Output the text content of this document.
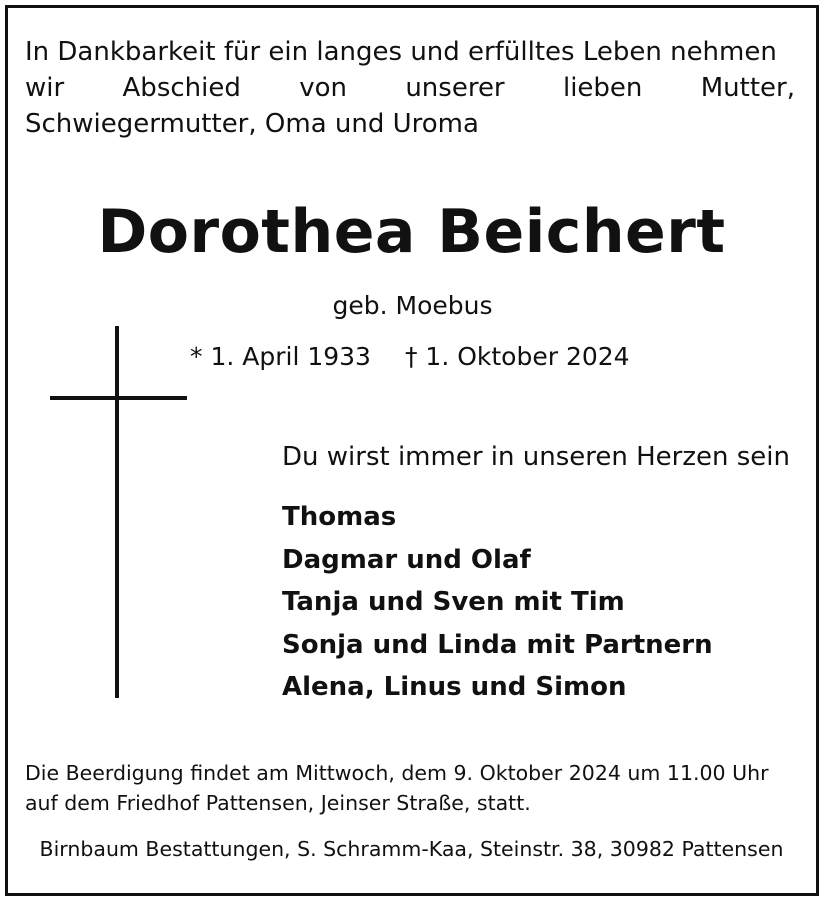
In Dankbarkeit für ein langes und erfülltes Leben nehmen
wir Abschied von unserer lieben Mutter,
Schwiegermutter, Oma und Uroma
Dorothea Beichert
geb. Moebus
* 1. April 1933 † 1. Oktober 2024
Du wirst immer in unseren Herzen sein
Thomas
Dagmar und Olaf
Tanja und Sven mit Tim
Sonja und Linda mit Partnern
Alena, Linus und Simon
Die Beerdigung findet am Mittwoch, dem 9. Oktober 2024 um 11.00 Uhr
auf dem Friedhof Pattensen, Jeinser Straße, statt.
Birnbaum Bestattungen, S. Schramm-Kaa, Steinstr. 38, 30982 Pattensen
